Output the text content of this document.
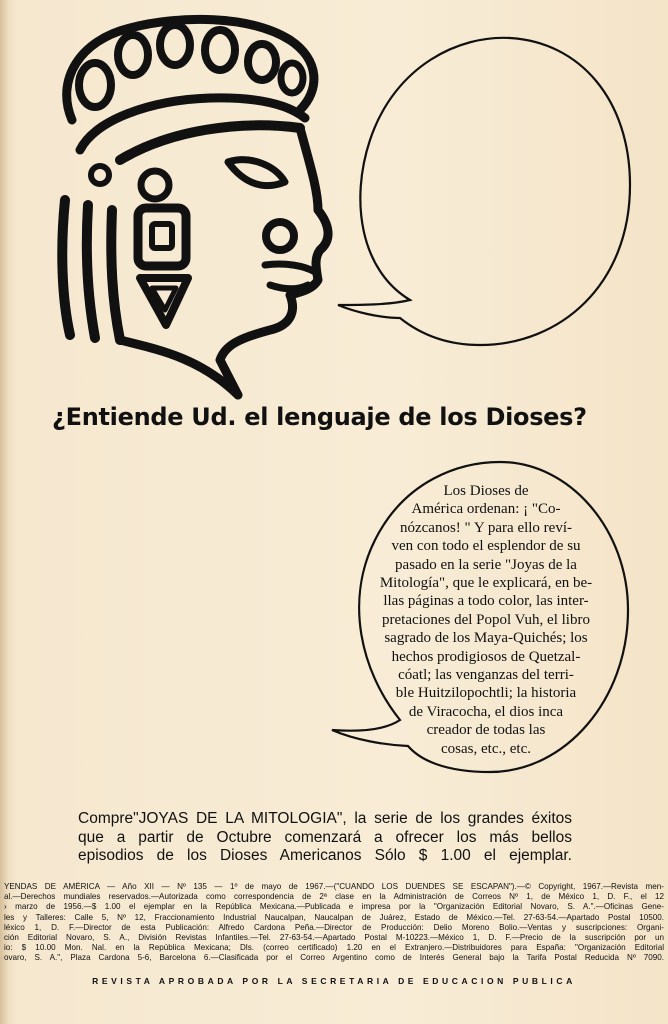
¿Entiende Ud. el lenguaje de los Dioses?
Los Dioses de
América ordenan: ¡ "Co-
nózcanos! " Y para ello reví-
ven con todo el esplendor de su
pasado en la serie "Joyas de la
Mitología", que le explicará, en be-
llas páginas a todo color, las inter-
pretaciones del Popol Vuh, el libro
sagrado de los Maya-Quichés; los
hechos prodigiosos de Quetzal-
cóatl; las venganzas del terri-
ble Huitzilopochtli; la historia
de Viracocha, el dios inca
creador de todas las
cosas, etc., etc.
Compre"JOYAS DE LA MITOLOGIA", la serie de los grandes éxitos
que a partir de Octubre comenzará a ofrecer los más bellos
episodios de los Dioses Americanos Sólo $ 1.00 el ejemplar.
YENDAS DE AMÉRICA — Año XII — Nº 135 — 1º de mayo de 1967.—("CUANDO LOS DUENDES SE ESCAPAN").—© Copyright, 1967.—Revista men-
al.—Derechos mundiales reservados.—Autorizada como correspondencia de 2ª clase en la Administración de Correos Nº 1, de México 1, D. F., el 12
› marzo de 1956.—$ 1.00 el ejemplar en la República Mexicana.—Publicada e impresa por la "Organización Editorial Novaro, S. A.".—Oficinas Gene-
les y Talleres: Calle 5, Nº 12, Fraccionamiento Industrial Naucalpan, Naucalpan de Juárez, Estado de México.—Tel. 27-63-54.—Apartado Postal 10500.
léxico 1, D. F.—Director de esta Publicación: Alfredo Cardona Peña.—Director de Producción: Delio Moreno Bolio.—Ventas y suscripciones: Organi-
ción Editorial Novaro, S. A., División Revistas Infantiles.—Tel. 27-63-54.—Apartado Postal M-10223.—México 1, D. F.—Precio de la suscripción por un
io: $ 10.00 Mon. Nal. en la República Mexicana; Dls. (correo certificado) 1.20 en el Extranjero.—Distribuidores para España: "Organización Editorial
ovaro, S. A.", Plaza Cardona 5-6, Barcelona 6.—Clasificada por el Correo Argentino como de Interés General bajo la Tarifa Postal Reducida Nº 7090.
REVISTA APROBADA POR LA SECRETARIA DE EDUCACION PUBLICA
